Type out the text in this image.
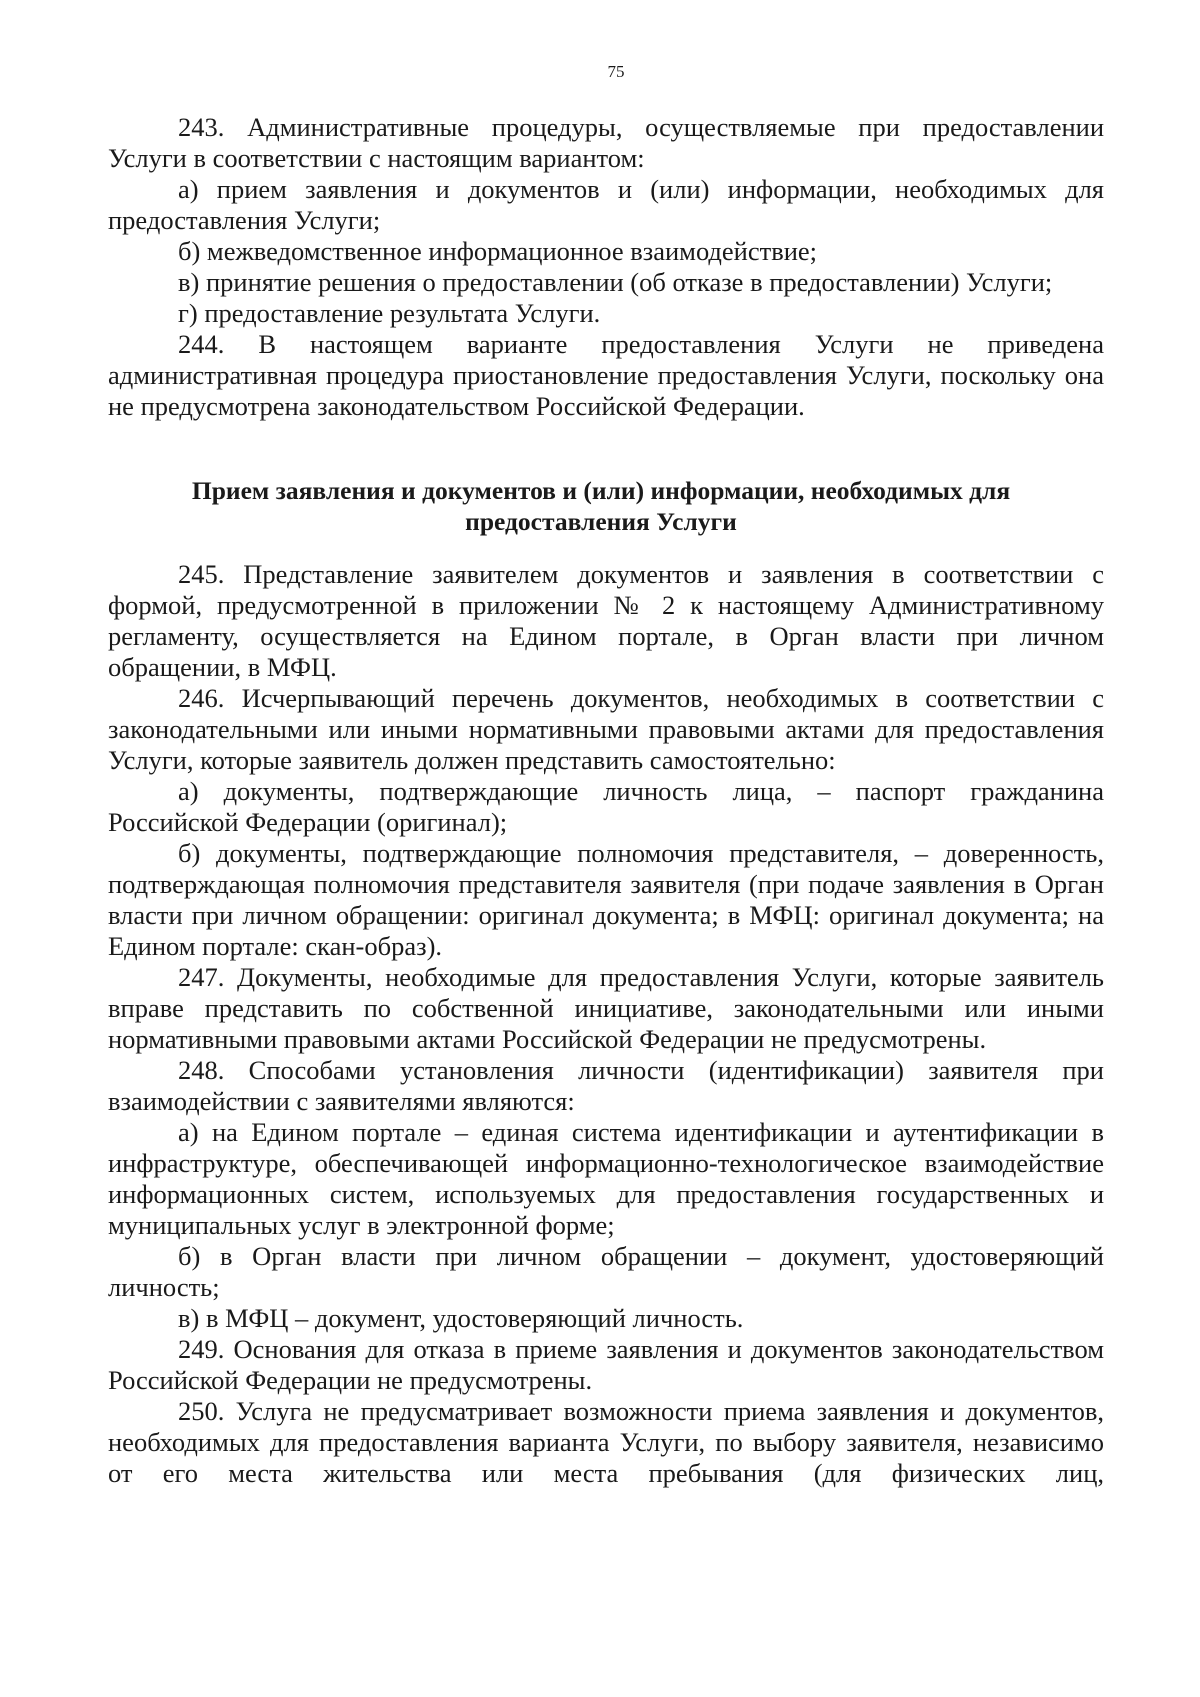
75

243. Административные процедуры, осуществляемые при предоставлении Услуги в соответствии с настоящим вариантом:

а) прием заявления и документов и (или) информации, необходимых для предоставления Услуги;

б) межведомственное информационное взаимодействие;

в) принятие решения о предоставлении (об отказе в предоставлении) Услуги;

г) предоставление результата Услуги.

244. В настоящем варианте предоставления Услуги не приведена административная процедура приостановление предоставления Услуги, поскольку она не предусмотрена законодательством Российской Федерации.

Прием заявления и документов и (или) информации, необходимых для предоставления Услуги

245. Представление заявителем документов и заявления в соответствии с формой, предусмотренной в приложении № 2 к настоящему Административному регламенту, осуществляется на Едином портале, в Орган власти при личном обращении, в МФЦ.

246. Исчерпывающий перечень документов, необходимых в соответствии с законодательными или иными нормативными правовыми актами для предоставления Услуги, которые заявитель должен представить самостоятельно:

а) документы, подтверждающие личность лица, – паспорт гражданина Российской Федерации (оригинал);

б) документы, подтверждающие полномочия представителя, – доверенность, подтверждающая полномочия представителя заявителя (при подаче заявления в Орган власти при личном обращении: оригинал документа; в МФЦ: оригинал документа; на Едином портале: скан-образ).

247. Документы, необходимые для предоставления Услуги, которые заявитель вправе представить по собственной инициативе, законодательными или иными нормативными правовыми актами Российской Федерации не предусмотрены.

248. Способами установления личности (идентификации) заявителя при взаимодействии с заявителями являются:

а) на Едином портале – единая система идентификации и аутентификации в инфраструктуре, обеспечивающей информационно-технологическое взаимодействие информационных систем, используемых для предоставления государственных и муниципальных услуг в электронной форме;

б) в Орган власти при личном обращении – документ, удостоверяющий личность;

в) в МФЦ – документ, удостоверяющий личность.

249. Основания для отказа в приеме заявления и документов законодательством Российской Федерации не предусмотрены.

250. Услуга не предусматривает возможности приема заявления и документов, необходимых для предоставления варианта Услуги, по выбору заявителя, независимо от его места жительства или места пребывания (для физических лиц,
